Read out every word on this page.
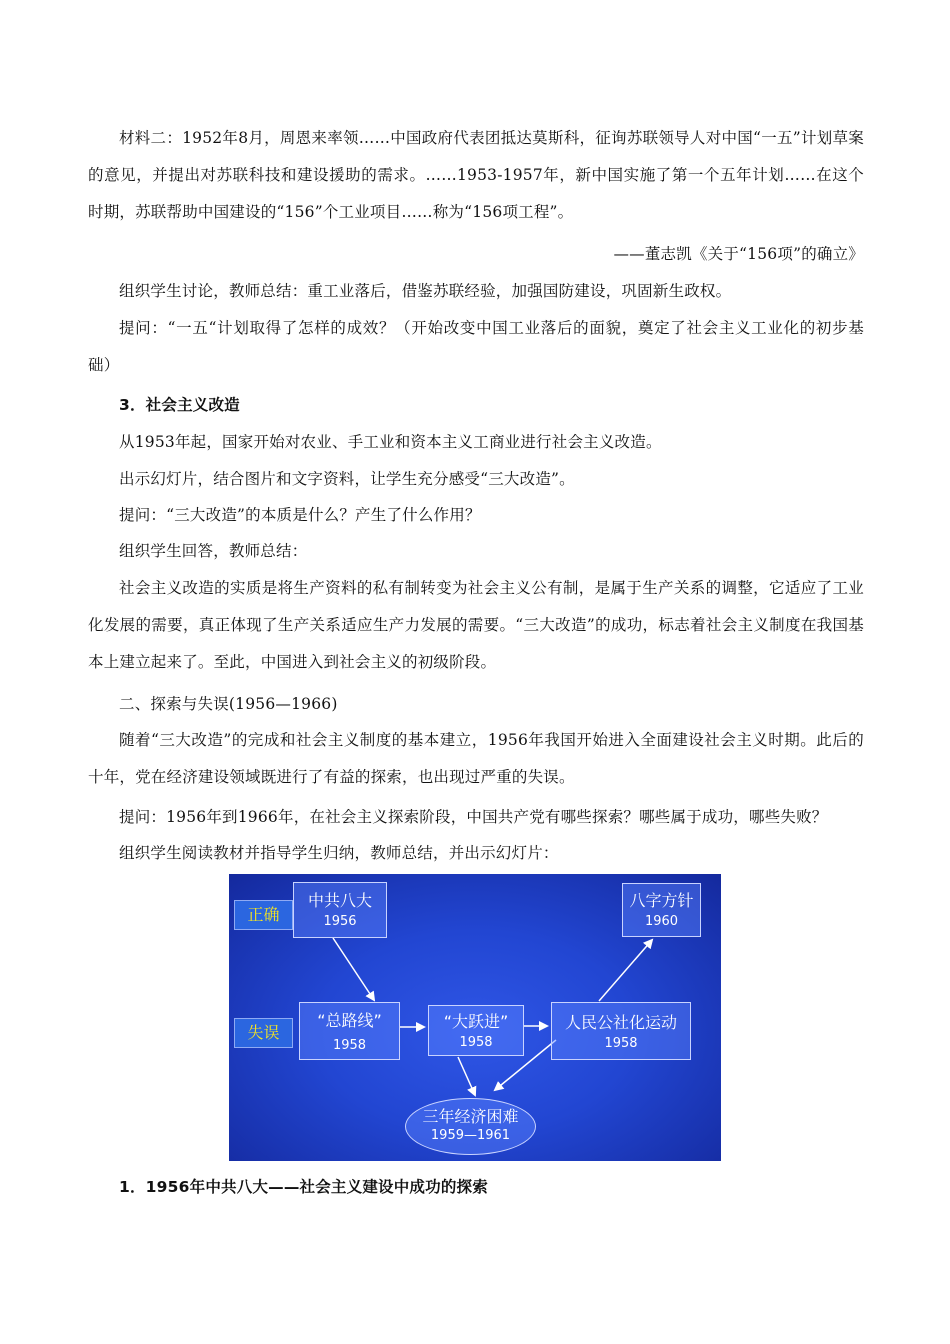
材料二：1952年8月，周恩来率领……中国政府代表团抵达莫斯科，征询苏联领导人对中国“一五”计划草案的意见，并提出对苏联科技和建设援助的需求。……1953-1957年，新中国实施了第一个五年计划……在这个时期，苏联帮助中国建设的“156”个工业项目……称为“156项工程”。

——董志凯《关于“156项”的确立》

组织学生讨论，教师总结：重工业落后，借鉴苏联经验，加强国防建设，巩固新生政权。

提问：“一五“计划取得了怎样的成效？（开始改变中国工业落后的面貌，奠定了社会主义工业化的初步基础）

3．社会主义改造

从1953年起，国家开始对农业、手工业和资本主义工商业进行社会主义改造。

出示幻灯片，结合图片和文字资料，让学生充分感受“三大改造”。

提问：“三大改造”的本质是什么？产生了什么作用？

组织学生回答，教师总结：

社会主义改造的实质是将生产资料的私有制转变为社会主义公有制，是属于生产关系的调整，它适应了工业化发展的需要，真正体现了生产关系适应生产力发展的需要。“三大改造”的成功，标志着社会主义制度在我国基本上建立起来了。至此，中国进入到社会主义的初级阶段。

二、探索与失误(1956—1966)

随着“三大改造”的完成和社会主义制度的基本建立，1956年我国开始进入全面建设社会主义时期。此后的十年，党在经济建设领域既进行了有益的探索，也出现过严重的失误。

提问：1956年到1966年，在社会主义探索阶段，中国共产党有哪些探索？哪些属于成功，哪些失败？

组织学生阅读教材并指导学生归纳，教师总结，并出示幻灯片：

正确
失误
中共八大
1956
八字方针
1960
“总路线”
1958
“大跃进”
1958
人民公社化运动
1958
三年经济困难
1959—1961

1．1956年中共八大——社会主义建设中成功的探索
